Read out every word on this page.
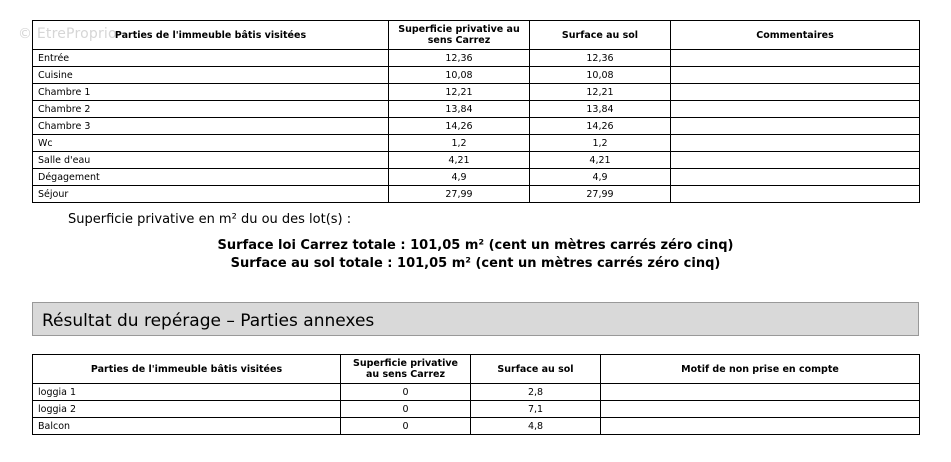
© EtreProprio
Parties de l'immeuble bâtis visitées	Superficie privative au sens Carrez	Surface au sol	Commentaires
Entrée	12,36	12,36	
Cuisine	10,08	10,08	
Chambre 1	12,21	12,21	
Chambre 2	13,84	13,84	
Chambre 3	14,26	14,26	
Wc	1,2	1,2	
Salle d'eau	4,21	4,21	
Dégagement	4,9	4,9	
Séjour	27,99	27,99	
Superficie privative en m² du ou des lot(s) :
Surface loi Carrez totale : 101,05 m² (cent un mètres carrés zéro cinq)
Surface au sol totale : 101,05 m² (cent un mètres carrés zéro cinq)
Résultat du repérage – Parties annexes
Parties de l'immeuble bâtis visitées	Superficie privative au sens Carrez	Surface au sol	Motif de non prise en compte
loggia 1	0	2,8	
loggia 2	0	7,1	
Balcon	0	4,8	
